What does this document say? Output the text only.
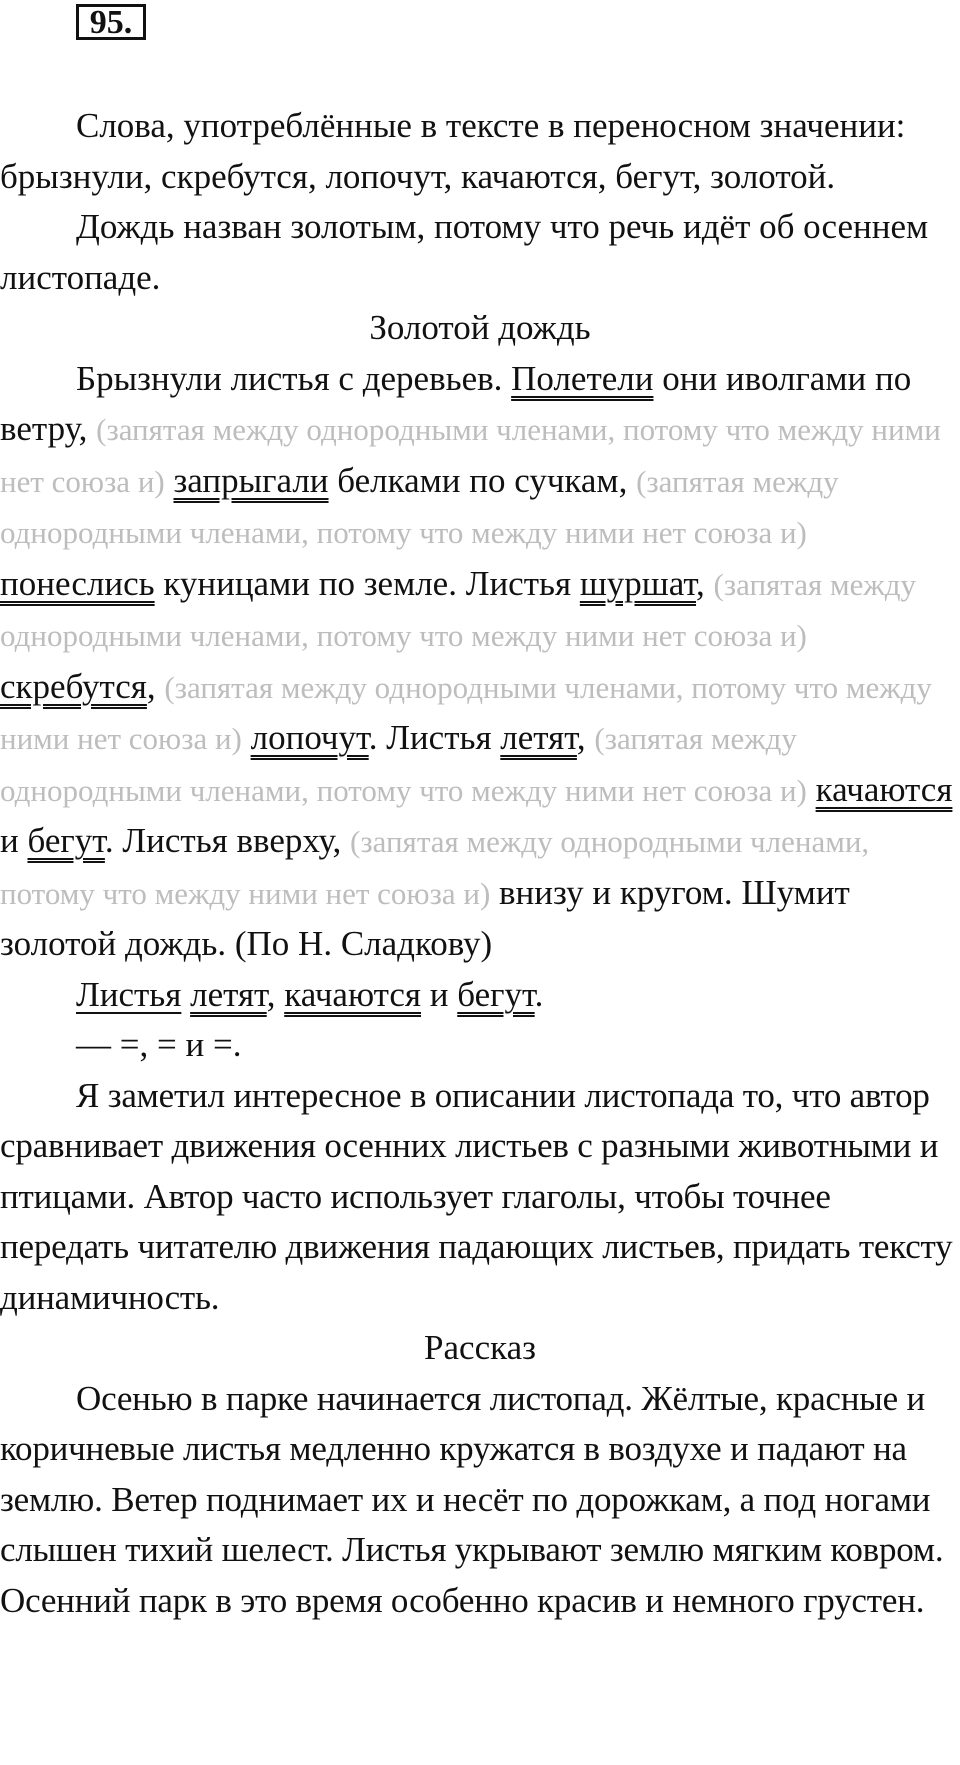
95.

Слова, употреблённые в тексте в переносном значении: брызнули, скребутся, лопочут, качаются, бегут, золотой.

Дождь назван золотым, потому что речь идёт об осеннем листопаде.

Золотой дождь

Брызнули листья с деревьев. Полетели они иволгами по ветру, (запятая между однородными членами, потому что между ними нет союза и) запрыгали белками по сучкам, (запятая между однородными членами, потому что между ними нет союза и) понеслись куницами по земле. Листья шуршат, (запятая между однородными членами, потому что между ними нет союза и) скребутся, (запятая между однородными членами, потому что между ними нет союза и) лопочут. Листья летят, (запятая между однородными членами, потому что между ними нет союза и) качаются и бегут. Листья вверху, (запятая между однородными членами, потому что между ними нет союза и) внизу и кругом. Шумит золотой дождь. (По Н. Сладкову)

Листья летят, качаются и бегут.

— =, = и =.

Я заметил интересное в описании листопада то, что автор сравнивает движения осенних листьев с разными животными и птицами. Автор часто использует глаголы, чтобы точнее передать читателю движения падающих листьев, придать тексту динамичность.

Рассказ

Осенью в парке начинается листопад. Жёлтые, красные и коричневые листья медленно кружатся в воздухе и падают на землю. Ветер поднимает их и несёт по дорожкам, а под ногами слышен тихий шелест. Листья укрывают землю мягким ковром. Осенний парк в это время особенно красив и немного грустен.
